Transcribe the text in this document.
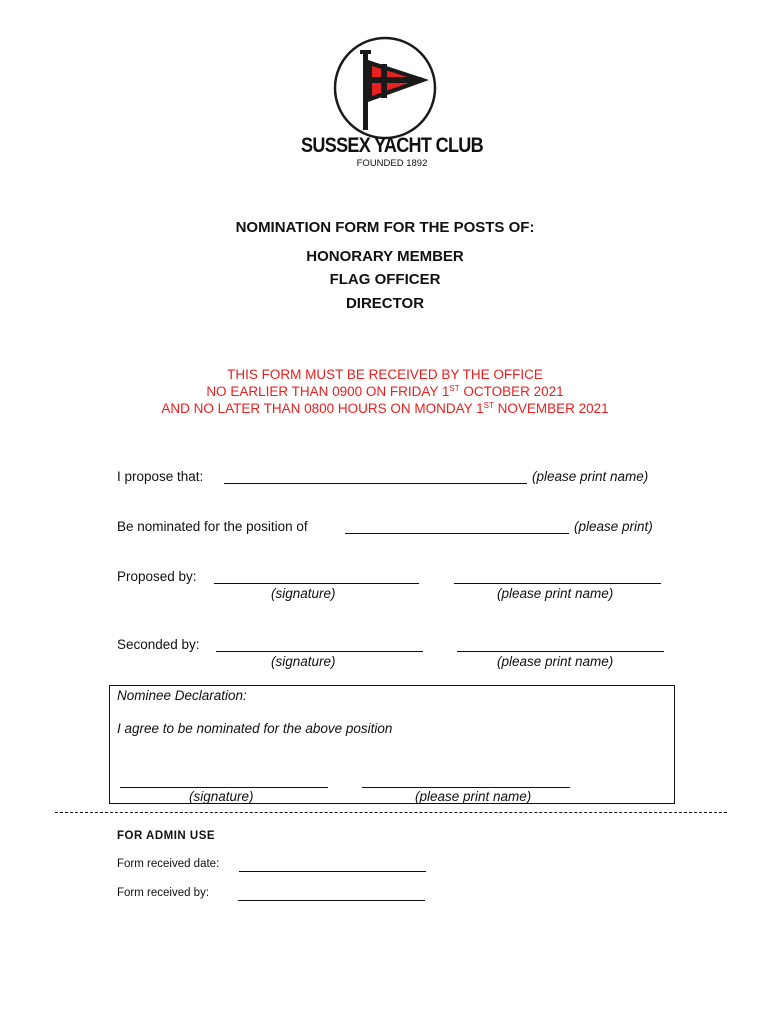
SUSSEX YACHT CLUB
FOUNDED 1892
NOMINATION FORM FOR THE POSTS OF:
HONORARY MEMBER
FLAG OFFICER
DIRECTOR
THIS FORM MUST BE RECEIVED BY THE OFFICE
NO EARLIER THAN 0900 ON FRIDAY 1ST OCTOBER 2021
AND NO LATER THAN 0800 HOURS ON MONDAY 1ST NOVEMBER 2021
I propose that:	(please print name)
Be nominated for the position of	(please print)
Proposed by:
(signature)	(please print name)
Seconded by:
(signature)	(please print name)
Nominee Declaration:
I agree to be nominated for the above position
(signature)	(please print name)
FOR ADMIN USE
Form received date:
Form received by:
